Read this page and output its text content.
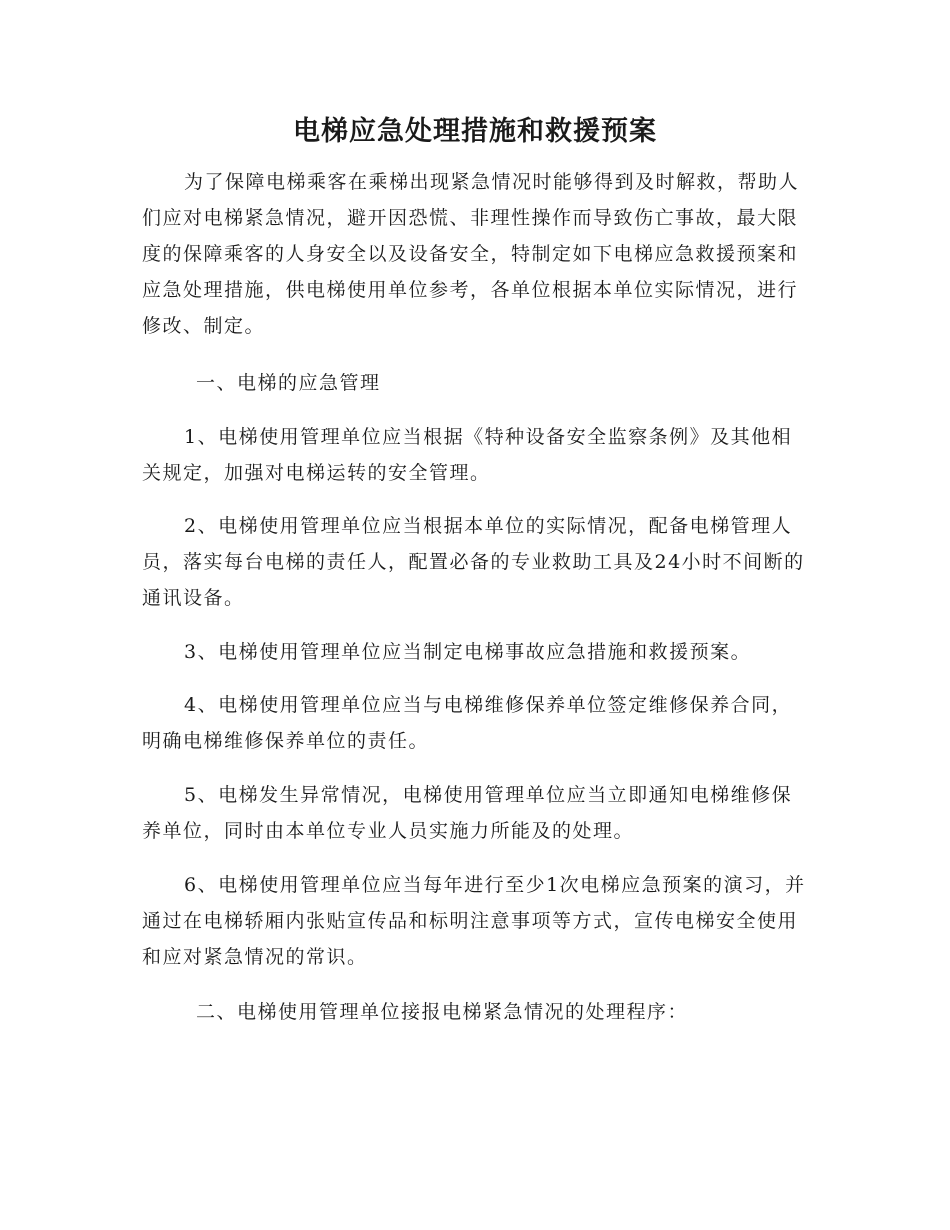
电梯应急处理措施和救援预案

为了保障电梯乘客在乘梯出现紧急情况时能够得到及时解救，帮助人们应对电梯紧急情况，避开因恐慌、非理性操作而导致伤亡事故，最大限度的保障乘客的人身安全以及设备安全，特制定如下电梯应急救援预案和应急处理措施，供电梯使用单位参考，各单位根据本单位实际情况，进行修改、制定。

一、电梯的应急管理

1、电梯使用管理单位应当根据《特种设备安全监察条例》及其他相关规定，加强对电梯运转的安全管理。

2、电梯使用管理单位应当根据本单位的实际情况，配备电梯管理人员，落实每台电梯的责任人，配置必备的专业救助工具及24小时不间断的通讯设备。

3、电梯使用管理单位应当制定电梯事故应急措施和救援预案。

4、电梯使用管理单位应当与电梯维修保养单位签定维修保养合同，明确电梯维修保养单位的责任。

5、电梯发生异常情况，电梯使用管理单位应当立即通知电梯维修保养单位，同时由本单位专业人员实施力所能及的处理。

6、电梯使用管理单位应当每年进行至少1次电梯应急预案的演习，并通过在电梯轿厢内张贴宣传品和标明注意事项等方式，宣传电梯安全使用和应对紧急情况的常识。

二、电梯使用管理单位接报电梯紧急情况的处理程序：
